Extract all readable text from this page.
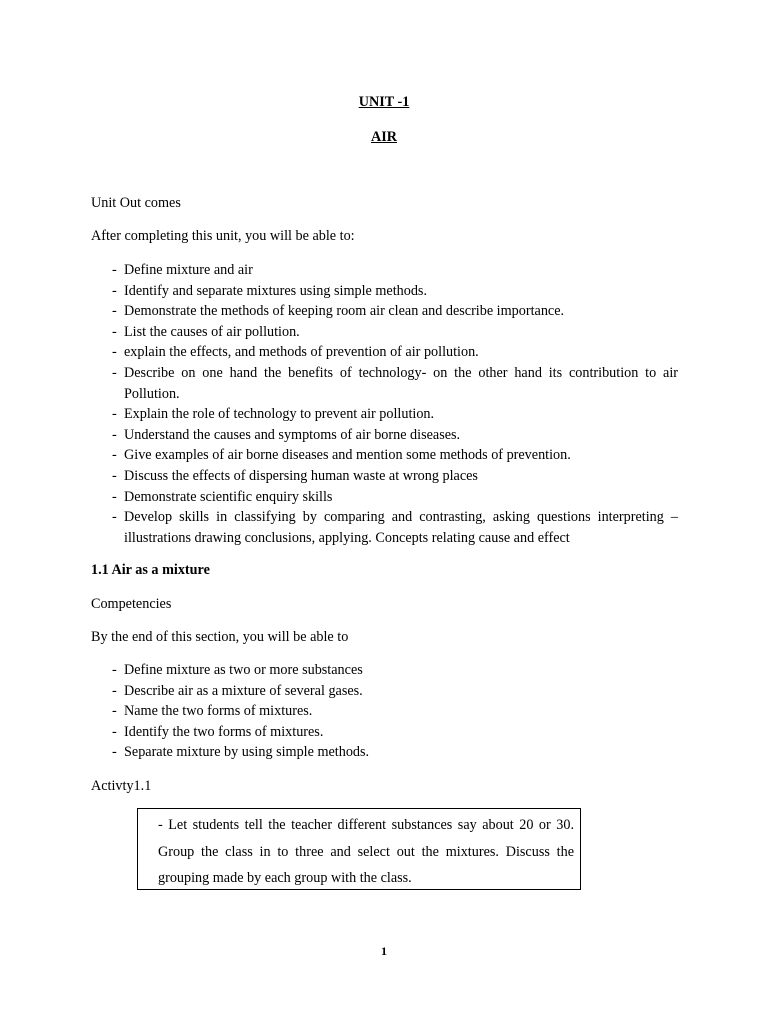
UNIT -1
AIR
Unit Out comes
After completing this unit, you will be able to:
- Define mixture and air
- Identify and separate mixtures using simple methods.
- Demonstrate the methods of keeping room air clean and describe importance.
- List the causes of air pollution.
- explain the effects, and methods of prevention of air pollution.
- Describe on one hand the benefits of technology- on the other hand its contribution to air Pollution.
- Explain the role of technology to prevent air pollution.
- Understand the causes and symptoms of air borne diseases.
- Give examples of air borne diseases and mention some methods of prevention.
- Discuss the effects of dispersing human waste at wrong places
- Demonstrate scientific enquiry skills
- Develop skills in classifying by comparing and contrasting, asking questions interpreting – illustrations drawing conclusions, applying. Concepts relating cause and effect
1.1 Air as a mixture
Competencies
By the end of this section, you will be able to
- Define mixture as two or more substances
- Describe air as a mixture of several gases.
- Name the two forms of mixtures.
- Identify the two forms of mixtures.
- Separate mixture by using simple methods.
Activty1.1
- Let students tell the teacher different substances say about 20 or 30. Group the class in to three and select out the mixtures. Discuss the grouping made by each group with the class.
1
